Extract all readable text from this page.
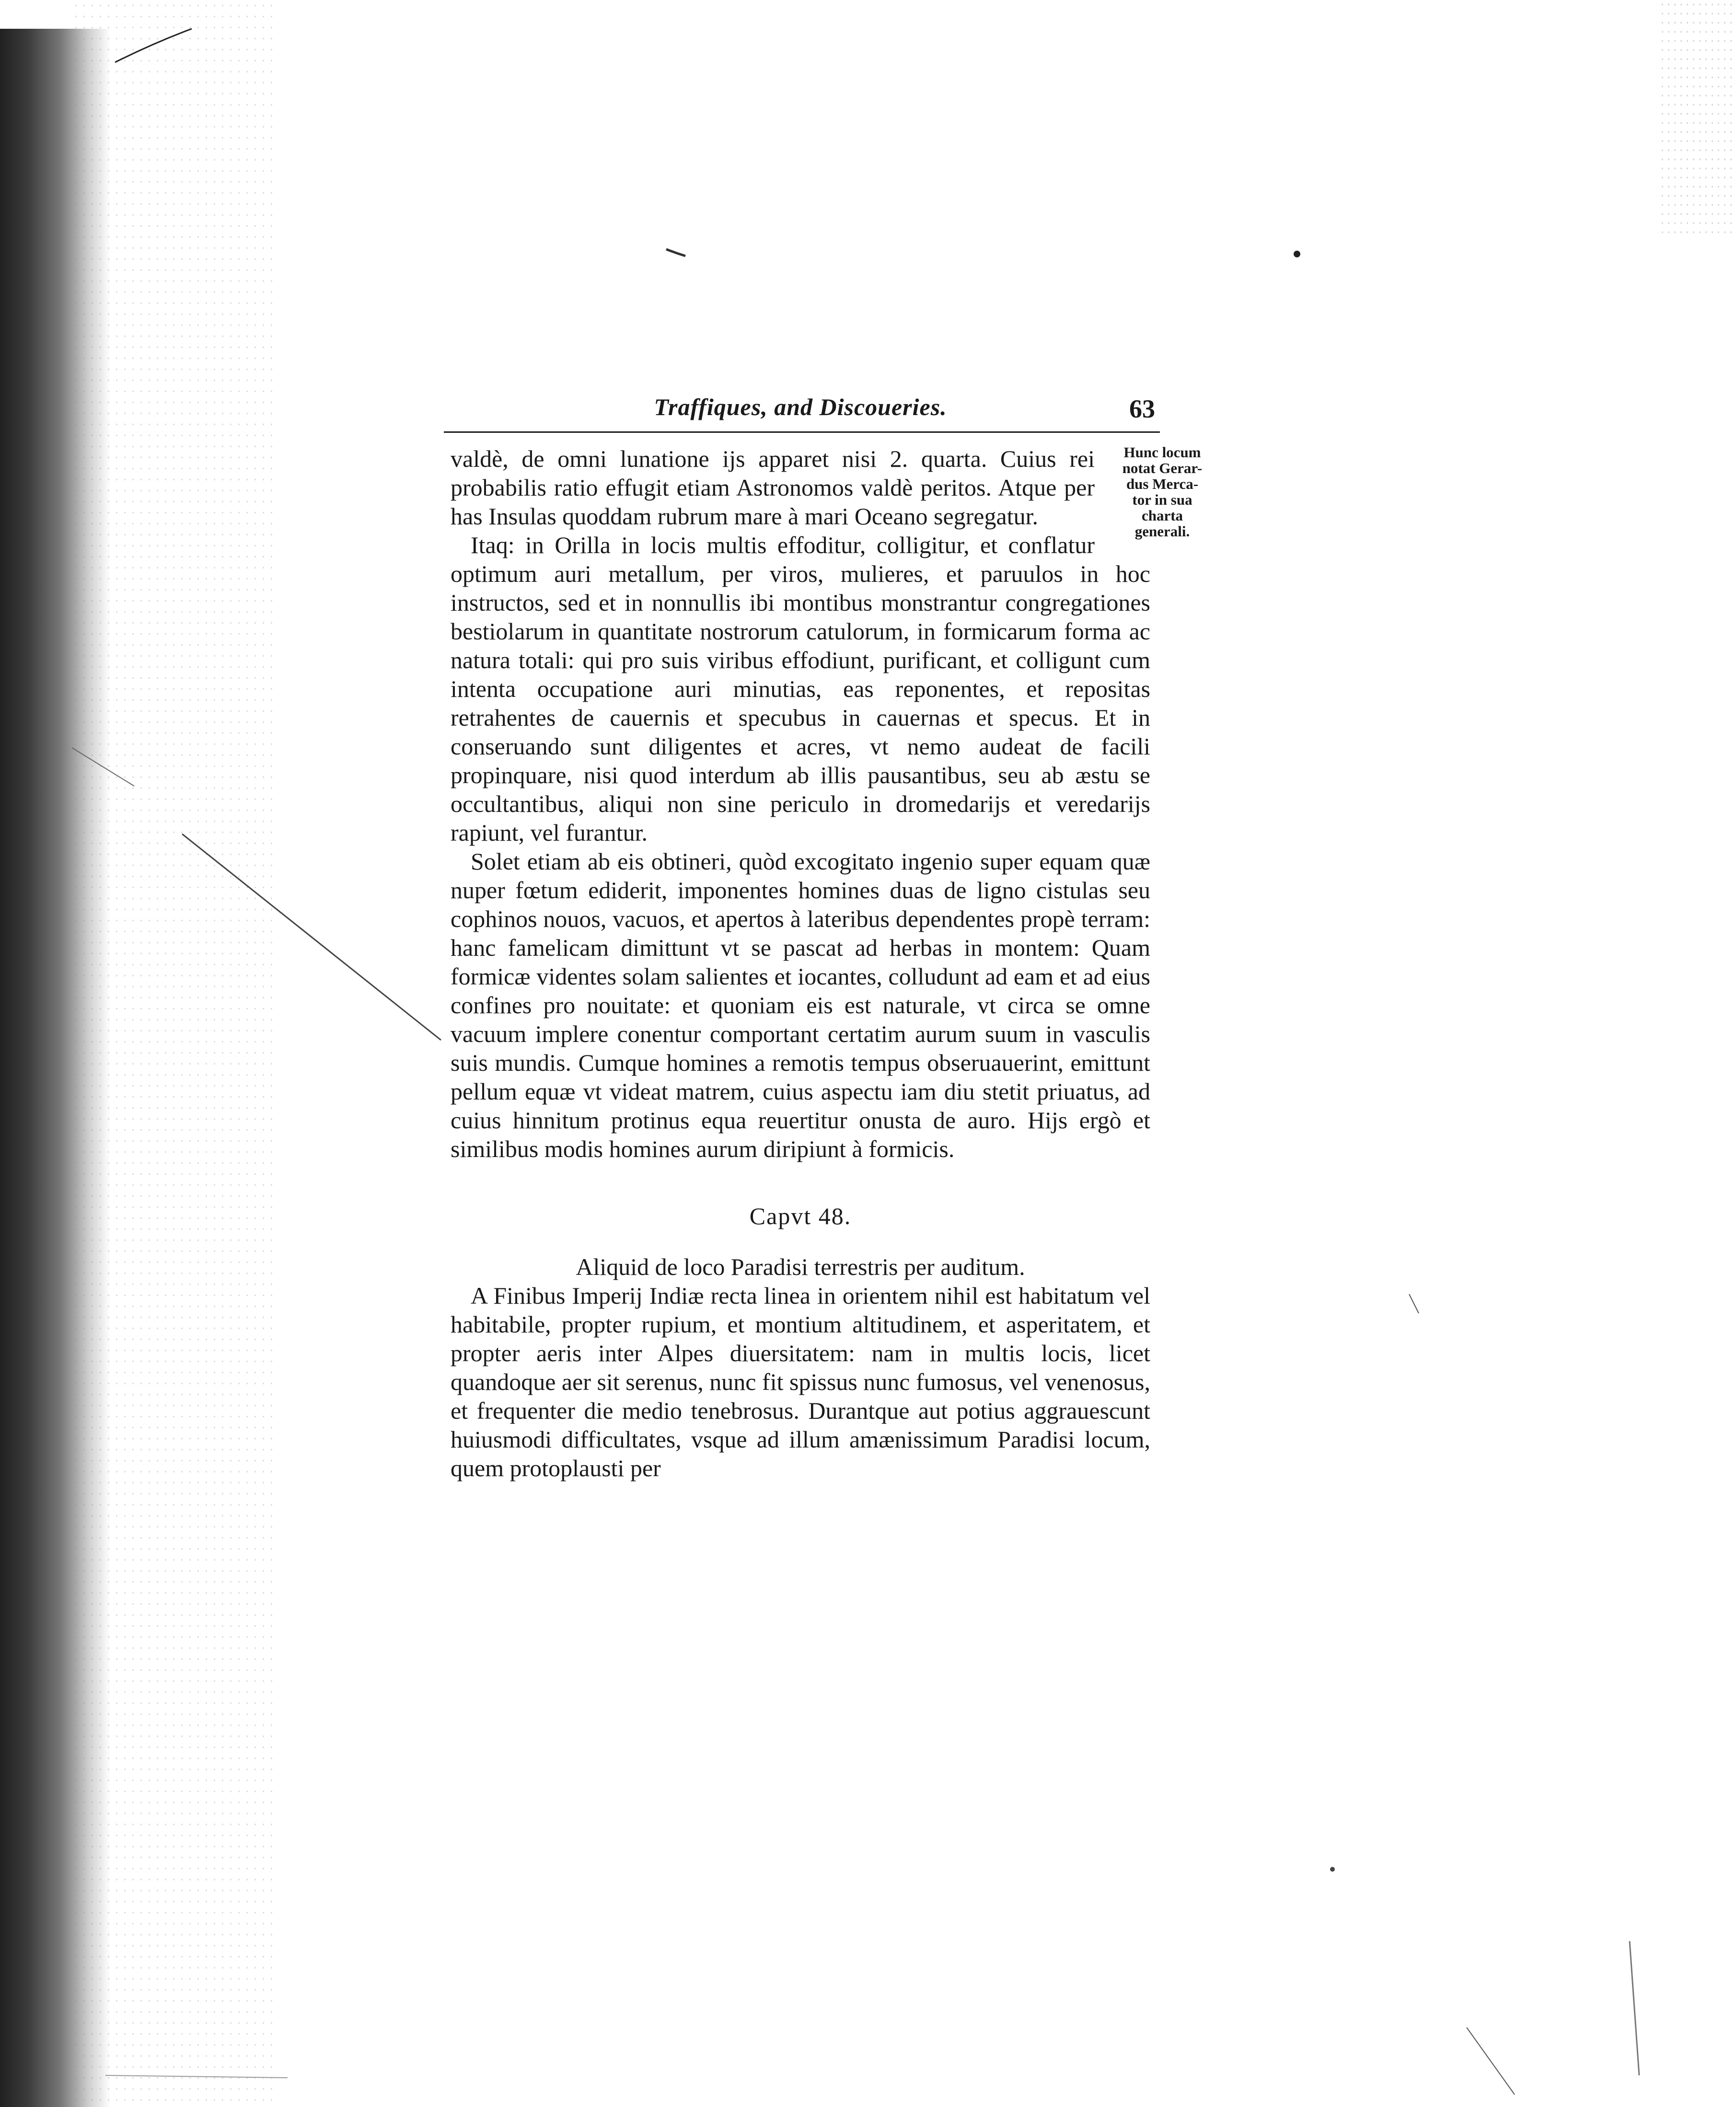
Traffiques, and Discoueries.	63
Hunc locum
notat Gerar-
dus Merca-
tor in sua
charta
generali.

valdè, de omni lunatione ijs apparet nisi 2. quarta. Cuius rei probabilis ratio effugit etiam Astronomos valdè peritos. Atque per has Insulas quoddam rubrum mare à mari Oceano segregatur.

Itaq: in Orilla in locis multis effoditur, colligitur, et conflatur optimum auri metallum, per viros, mulieres, et paruulos in hoc instructos, sed et in nonnullis ibi montibus monstrantur congregationes bestiolarum in quantitate nostrorum catulorum, in formicarum forma ac natura totali: qui pro suis viribus effodiunt, purificant, et colligunt cum intenta occupatione auri minutias, eas reponentes, et repositas retrahentes de cauernis et specubus in cauernas et specus. Et in conseruando sunt diligentes et acres, vt nemo audeat de facili propinquare, nisi quod interdum ab illis pausantibus, seu ab æstu se occultantibus, aliqui non sine periculo in dromedarijs et veredarijs rapiunt, vel furantur.

Solet etiam ab eis obtineri, quòd excogitato ingenio super equam quæ nuper fœtum ediderit, imponentes homines duas de ligno cistulas seu cophinos nouos, vacuos, et apertos à lateribus dependentes propè terram: hanc famelicam dimittunt vt se pascat ad herbas in montem: Quam formicæ videntes solam salientes et iocantes, colludunt ad eam et ad eius confines pro nouitate: et quoniam eis est naturale, vt circa se omne vacuum implere conentur comportant certatim aurum suum in vasculis suis mundis. Cumque homines a remotis tempus obseruauerint, emittunt pellum equæ vt videat matrem, cuius aspectu iam diu stetit priuatus, ad cuius hinnitum protinus equa reuertitur onusta de auro. Hijs ergò et similibus modis homines aurum diripiunt à formicis.

Capvt 48.
Aliquid de loco Paradisi terrestris per auditum.

A Finibus Imperij Indiæ recta linea in orientem nihil est habitatum vel habitabile, propter rupium, et montium altitudinem, et asperitatem, et propter aeris inter Alpes diuersitatem: nam in multis locis, licet quandoque aer sit serenus, nunc fit spissus nunc fumosus, vel venenosus, et frequenter die medio tenebrosus. Durantque aut potius aggrauescunt huiusmodi difficultates, vsque ad illum amænissimum Paradisi locum, quem protoplausti per
